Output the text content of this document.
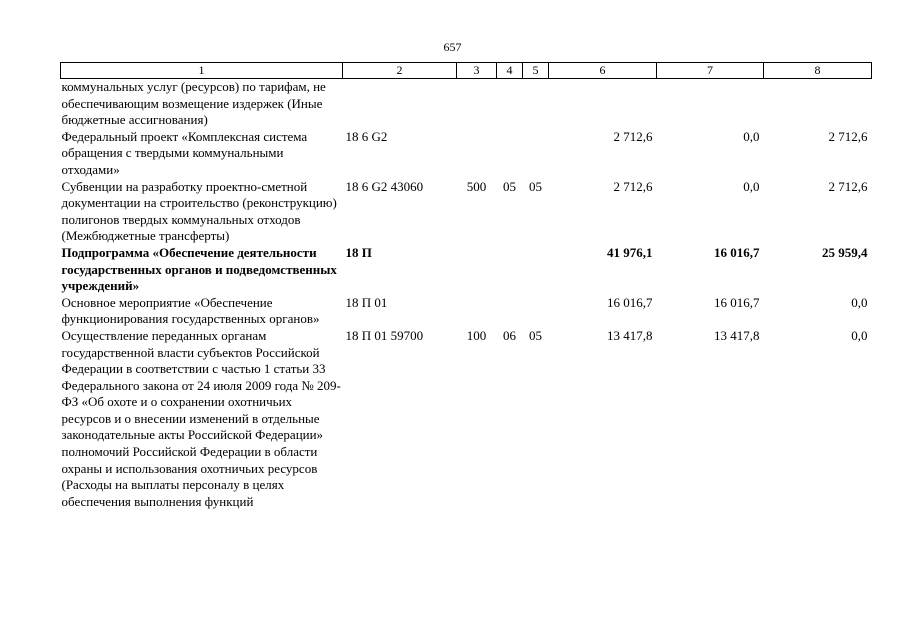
657
1	2	3	4	5	6	7	8
коммунальных услуг (ресурсов) по тарифам, не обеспечивающим возмещение издержек (Иные бюджетные ассигнования)							
Федеральный проект «Комплексная система обращения с твердыми коммунальными отходами»	18 6 G2				2 712,6	0,0	2 712,6
Субвенции на разработку проектно-сметной документации на строительство (реконструкцию) полигонов твердых коммунальных отходов (Межбюджетные трансферты)	18 6 G2 43060	500	05	05	2 712,6	0,0	2 712,6
Подпрограмма «Обеспечение деятельности государственных органов и подведомственных учреждений»	18 П				41 976,1	16 016,7	25 959,4
Основное мероприятие «Обеспечение функционирования государственных органов»	18 П 01				16 016,7	16 016,7	0,0
Осуществление переданных органам государственной власти субъектов Российской Федерации в соответствии с частью 1 статьи 33 Федерального закона от 24 июля 2009 года № 209-ФЗ «Об охоте и о сохранении охотничьих ресурсов и о внесении изменений в отдельные законодательные акты Российской Федерации» полномочий Российской Федерации в области охраны и использования охотничьих ресурсов (Расходы на выплаты персоналу в целях обеспечения выполнения функций	18 П 01 59700	100	06	05	13 417,8	13 417,8	0,0
